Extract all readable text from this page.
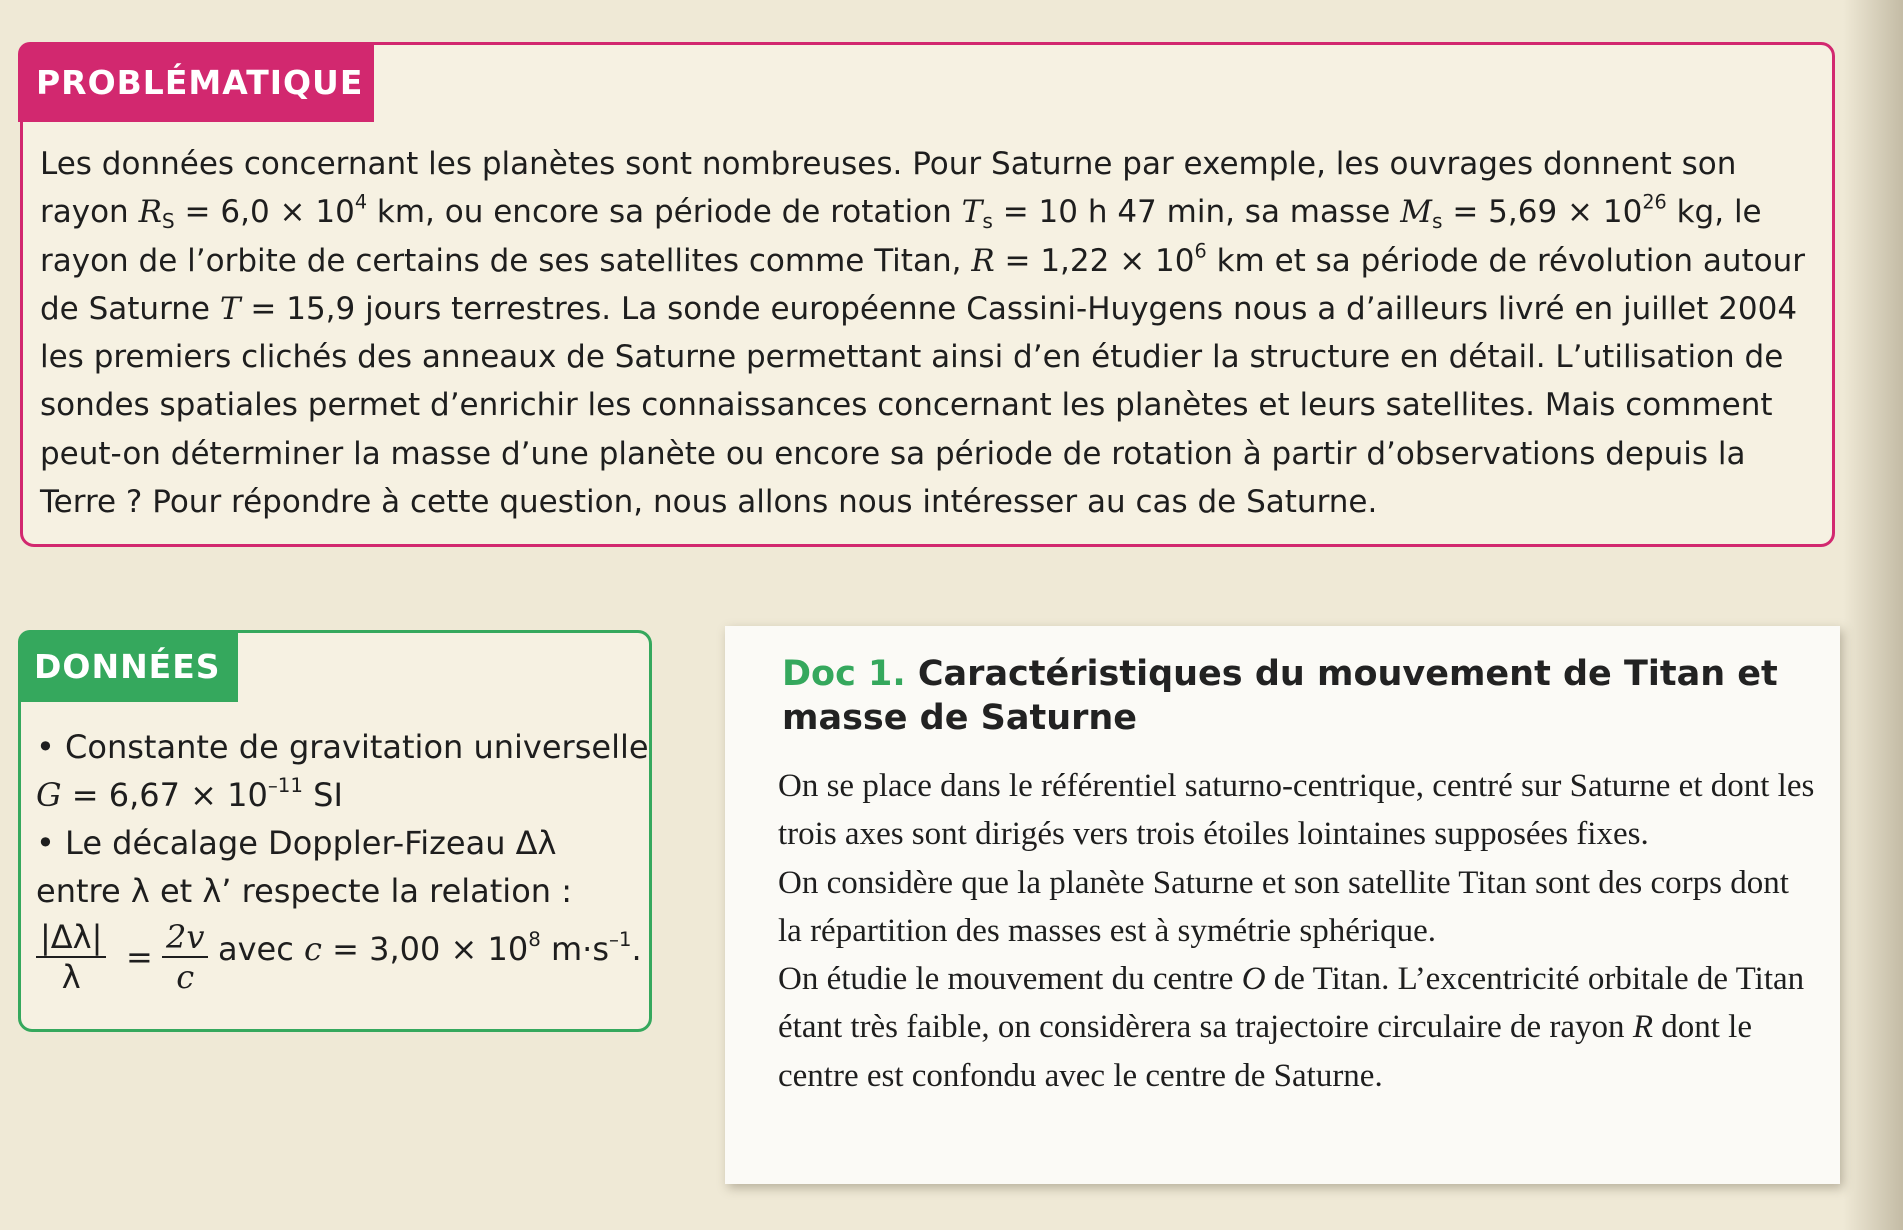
PROBLÉMATIQUE

Les données concernant les planètes sont nombreuses. Pour Saturne par exemple, les ouvrages donnent son rayon $R_S = 6,0 \times 10^4$ km, ou encore sa période de rotation $T_s = 10$ h 47 min, sa masse $M_s = 5,69 \times 10^{26}$ kg, le rayon de l’orbite de certains de ses satellites comme Titan, $R = 1,22 \times 10^6$ km et sa période de révolution autour de Saturne T = 15,9 jours terrestres. La sonde européenne Cassini-Huygens nous a d’ailleurs livré en juillet 2004 les premiers clichés des anneaux de Saturne permettant ainsi d’en étudier la structure en détail. L’utilisation de sondes spatiales permet d’enrichir les connaissances concernant les planètes et leurs satellites. Mais comment peut-on déterminer la masse d’une planète ou encore sa période de rotation à partir d’observations depuis la Terre ? Pour répondre à cette question, nous allons nous intéresser au cas de Saturne.

DONNÉES
• Constante de gravitation universelle
$G = 6,67 \times 10^{-11}$ SI
• Le décalage Doppler-Fizeau Δλ
entre λ et λ’ respecte la relation :
$\frac{|\Delta\lambda|}{\lambda} = \frac{2v}{c}$ avec $c = 3,00 \times 10^8$ $m\cdot s^{-1}$.
Doc 1. Caractéristiques du mouvement de Titan et masse de Saturne

On se place dans le référentiel saturno-centrique, centré sur Saturne et dont les trois axes sont dirigés vers trois étoiles lointaines supposées fixes.

On considère que la planète Saturne et son satellite Titan sont des corps dont la répartition des masses est à symétrie sphérique.

On étudie le mouvement du centre O de Titan. L’excentricité orbitale de Titan étant très faible, on considèrera sa trajectoire circulaire de rayon R dont le centre est confondu avec le centre de Saturne.
